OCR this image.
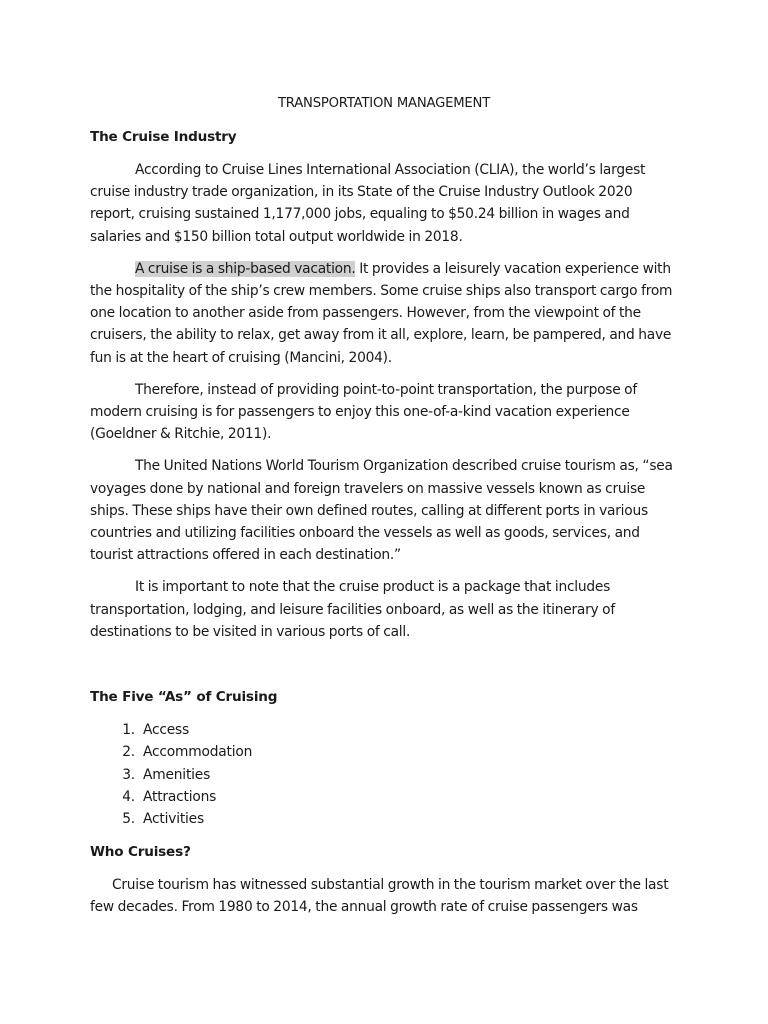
TRANSPORTATION MANAGEMENT
The Cruise Industry

According to Cruise Lines International Association (CLIA), the world’s largest cruise industry trade organization, in its State of the Cruise Industry Outlook 2020 report, cruising sustained 1,177,000 jobs, equaling to $50.24 billion in wages and salaries and $150 billion total output worldwide in 2018.

A cruise is a ship-based vacation. It provides a leisurely vacation experience with the hospitality of the ship’s crew members. Some cruise ships also transport cargo from one location to another aside from passengers. However, from the viewpoint of the cruisers, the ability to relax, get away from it all, explore, learn, be pampered, and have fun is at the heart of cruising (Mancini, 2004).

Therefore, instead of providing point-to-point transportation, the purpose of modern cruising is for passengers to enjoy this one-of-a-kind vacation experience (Goeldner & Ritchie, 2011).

The United Nations World Tourism Organization described cruise tourism as, “sea voyages done by national and foreign travelers on massive vessels known as cruise ships. These ships have their own defined routes, calling at different ports in various countries and utilizing facilities onboard the vessels as well as goods, services, and tourist attractions offered in each destination.”

It is important to note that the cruise product is a package that includes transportation, lodging, and leisure facilities onboard, as well as the itinerary of destinations to be visited in various ports of call.

The Five “As” of Cruising
1. Access
2. Accommodation
3. Amenities
4. Attractions
5. Activities
Who Cruises?

Cruise tourism has witnessed substantial growth in the tourism market over the last few decades. From 1980 to 2014, the annual growth rate of cruise passengers was
